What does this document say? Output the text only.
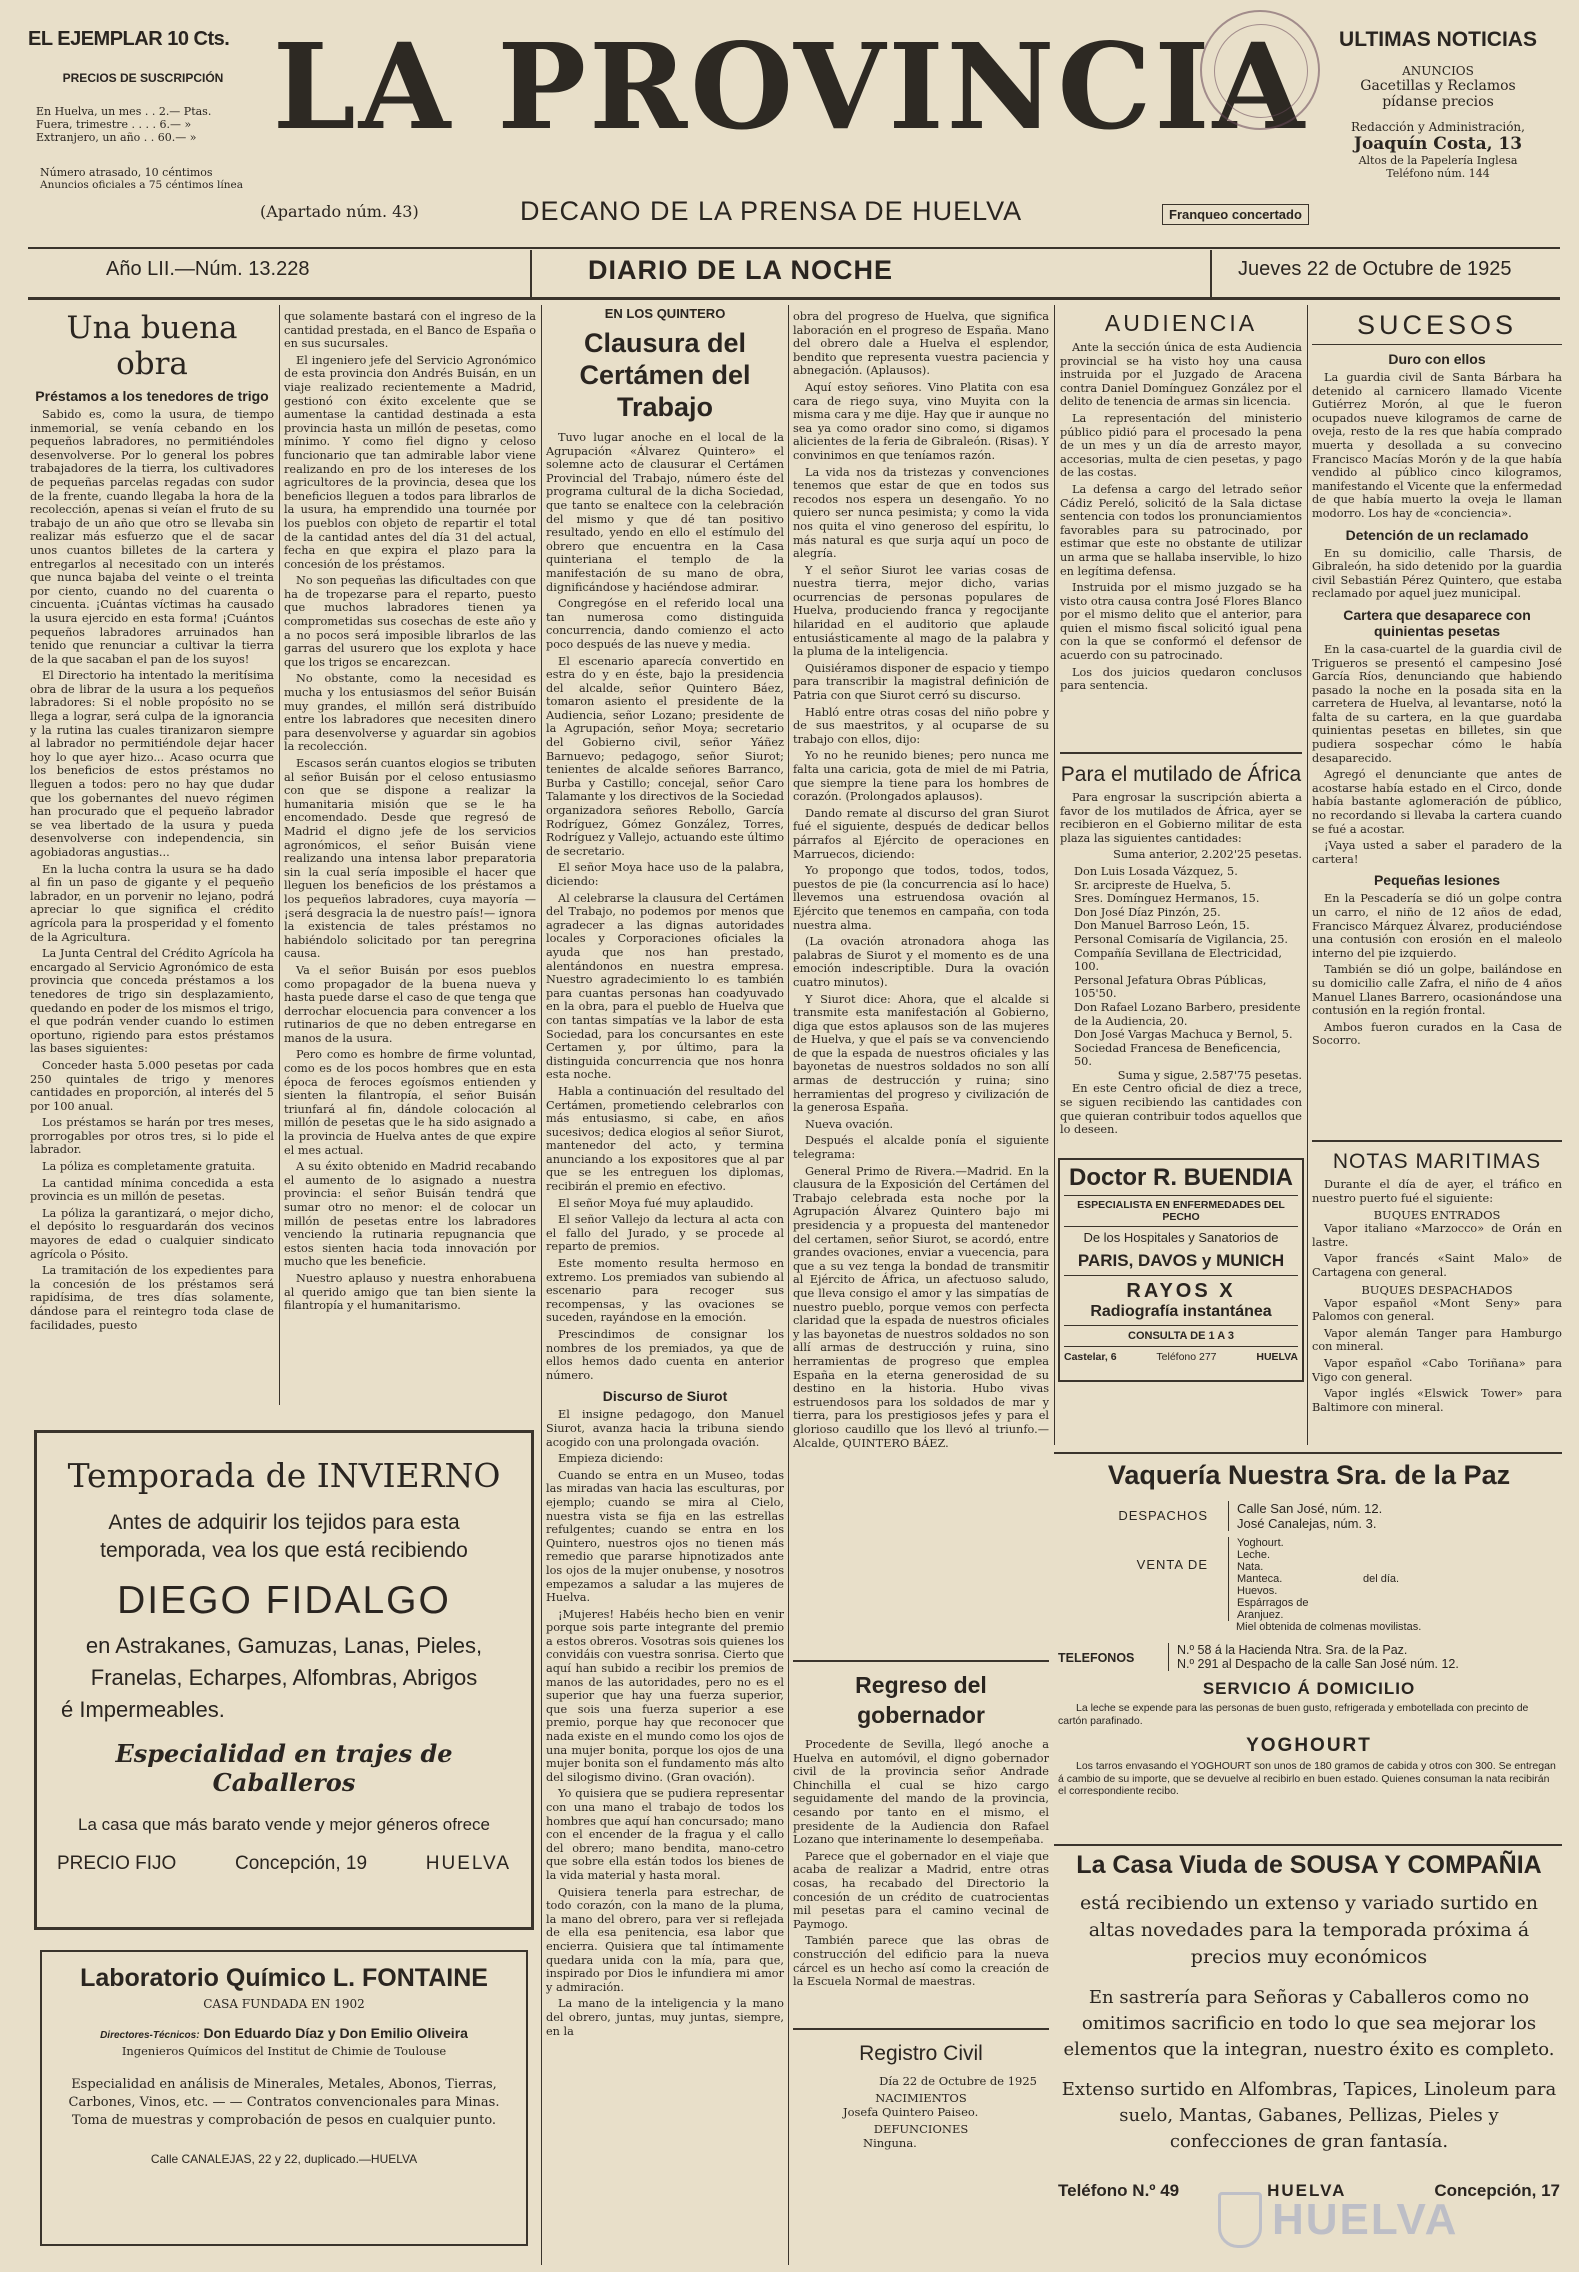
EL EJEMPLAR 10 Cts.
PRECIOS DE SUSCRIPCIÓN
En Huelva, un mes . . 2.— Ptas.
Fuera, trimestre . . . . 6.— »
Extranjero, un año . . 60.— »
Número atrasado, 10 céntimos
Anuncios oficiales a 75 céntimos línea
LA PROVINCIA
(Apartado núm. 43)	DECANO DE LA PRENSA DE HUELVA	Franqueo concertado
ULTIMAS NOTICIAS
ANUNCIOS
Gacetillas y Reclamos
pídanse precios
Redacción y Administración,
Joaquín Costa, 13
Altos de la Papelería Inglesa
Teléfono núm. 144
Año LII.—Núm. 13.228	DIARIO DE LA NOCHE	Jueves 22 de Octubre de 1925
Una buena obra
Préstamos a los tenedores de trigo

Sabido es, como la usura, de tiempo inmemorial, se venía cebando en los pequeños labradores, no permitiéndoles desenvolverse. Por lo general los pobres trabajadores de la tierra, los cultivadores de pequeñas parcelas regadas con sudor de la frente, cuando llegaba la hora de la recolección, apenas si veían el fruto de su trabajo de un año que otro se llevaba sin realizar más esfuerzo que el de sacar unos cuantos billetes de la cartera y entregarlos al necesitado con un interés que nunca bajaba del veinte o el treinta por ciento, cuando no del cuarenta o cincuenta. ¡Cuántas víctimas ha causado la usura ejercido en esta forma! ¡Cuántos pequeños labradores arruinados han tenido que renunciar a cultivar la tierra de la que sacaban el pan de los suyos!

El Directorio ha intentado la meritísima obra de librar de la usura a los pequeños labradores: Si el noble propósito no se llega a lograr, será culpa de la ignorancia y la rutina las cuales tiranizaron siempre al labrador no permitiéndole dejar hacer hoy lo que ayer hizo... Acaso ocurra que los beneficios de estos préstamos no lleguen a todos: pero no hay que dudar que los gobernantes del nuevo régimen han procurado que el pequeño labrador se vea libertado de la usura y pueda desenvolverse con independencia, sin agobiadoras angustias...

En la lucha contra la usura se ha dado al fin un paso de gigante y el pequeño labrador, en un porvenir no lejano, podrá apreciar lo que significa el crédito agrícola para la prosperidad y el fomento de la Agricultura.

La Junta Central del Crédito Agrícola ha encargado al Servicio Agronómico de esta provincia que conceda préstamos a los tenedores de trigo sin desplazamiento, quedando en poder de los mismos el trigo, el que podrán vender cuando lo estimen oportuno, rigiendo para estos préstamos las bases siguientes:

Conceder hasta 5.000 pesetas por cada 250 quintales de trigo y menores cantidades en proporción, al interés del 5 por 100 anual.

Los préstamos se harán por tres meses, prorrogables por otros tres, si lo pide el labrador.

La póliza es completamente gratuita.

La cantidad mínima concedida a esta provincia es un millón de pesetas.

La póliza la garantizará, o mejor dicho, el depósito lo resguardarán dos vecinos mayores de edad o cualquier sindicato agrícola o Pósito.

La tramitación de los expedientes para la concesión de los préstamos será rapidísima, de tres días solamente, dándose para el reintegro toda clase de facilidades, puesto

que solamente bastará con el ingreso de la cantidad prestada, en el Banco de España o en sus sucursales.

El ingeniero jefe del Servicio Agronómico de esta provincia don Andrés Buisán, en un viaje realizado recientemente a Madrid, gestionó con éxito excelente que se aumentase la cantidad destinada a esta provincia hasta un millón de pesetas, como mínimo. Y como fiel digno y celoso funcionario que tan admirable labor viene realizando en pro de los intereses de los agricultores de la provincia, desea que los beneficios lleguen a todos para librarlos de la usura, ha emprendido una tournée por los pueblos con objeto de repartir el total de la cantidad antes del día 31 del actual, fecha en que expira el plazo para la concesión de los préstamos.

No son pequeñas las dificultades con que ha de tropezarse para el reparto, puesto que muchos labradores tienen ya comprometidas sus cosechas de este año y a no pocos será imposible librarlos de las garras del usurero que los explota y hace que los trigos se encarezcan.

No obstante, como la necesidad es mucha y los entusiasmos del señor Buisán muy grandes, el millón será distribuído entre los labradores que necesiten dinero para desenvolverse y aguardar sin agobios la recolección.

Escasos serán cuantos elogios se tributen al señor Buisán por el celoso entusiasmo con que se dispone a realizar la humanitaria misión que se le ha encomendado. Desde que regresó de Madrid el digno jefe de los servicios agronómicos, el señor Buisán viene realizando una intensa labor preparatoria sin la cual sería imposible el hacer que lleguen los beneficios de los préstamos a los pequeños labradores, cuya mayoría —¡será desgracia la de nuestro país!— ignora la existencia de tales préstamos no habiéndolo solicitado por tan peregrina causa.

Va el señor Buisán por esos pueblos como propagador de la buena nueva y hasta puede darse el caso de que tenga que derrochar elocuencia para convencer a los rutinarios de que no deben entregarse en manos de la usura.

Pero como es hombre de firme voluntad, como es de los pocos hombres que en esta época de feroces egoísmos entienden y sienten la filantropía, el señor Buisán triunfará al fin, dándole colocación al millón de pesetas que le ha sido asignado a la provincia de Huelva antes de que expire el mes actual.

A su éxito obtenido en Madrid recabando el aumento de lo asignado a nuestra provincia: el señor Buisán tendrá que sumar otro no menor: el de colocar un millón de pesetas entre los labradores venciendo la rutinaria repugnancia que estos sienten hacia toda innovación por mucho que les beneficie.

Nuestro aplauso y nuestra enhorabuena al querido amigo que tan bien siente la filantropía y el humanitarismo.

EN LOS QUINTERO
Clausura del Certámen del Trabajo

Tuvo lugar anoche en el local de la Agrupación «Álvarez Quintero» el solemne acto de clausurar el Certámen Provincial del Trabajo, número éste del programa cultural de la dicha Sociedad, que tanto se enaltece con la celebración del mismo y que dé tan positivo resultado, yendo en ello el estímulo del obrero que encuentra en la Casa quinteriana el templo de la manifestación de su mano de obra, dignificándose y haciéndose admirar.

Congregóse en el referido local una tan numerosa como distinguida concurrencia, dando comienzo el acto poco después de las nueve y media.

El escenario aparecía convertido en estra do y en éste, bajo la presidencia del alcalde, señor Quintero Báez, tomaron asiento el presidente de la Audiencia, señor Lozano; presidente de la Agrupación, señor Moya; secretario del Gobierno civil, señor Yáñez Barnuevo; pedagogo, señor Siurot; tenientes de alcalde señores Barranco, Burba y Castillo; concejal, señor Caro Talamante y los directivos de la Sociedad organizadora señores Rebollo, García Rodríguez, Gómez González, Torres, Rodríguez y Vallejo, actuando este último de secretario.

El señor Moya hace uso de la palabra, diciendo:

Al celebrarse la clausura del Certámen del Trabajo, no podemos por menos que agradecer a las dignas autoridades locales y Corporaciones oficiales la ayuda que nos han prestado, alentándonos en nuestra empresa. Nuestro agradecimiento lo es también para cuantas personas han coadyuvado en la obra, para el pueblo de Huelva que con tantas simpatías ve la labor de esta Sociedad, para los concursantes en este Certamen y, por último, para la distinguida concurrencia que nos honra esta noche.

Habla a continuación del resultado del Certámen, prometiendo celebrarlos con más entusiasmo, si cabe, en años sucesivos; dedica elogios al señor Siurot, mantenedor del acto, y termina anunciando a los expositores que al par que se les entreguen los diplomas, recibirán el premio en efectivo.

El señor Moya fué muy aplaudido.

El señor Vallejo da lectura al acta con el fallo del Jurado, y se procede al reparto de premios.

Este momento resulta hermoso en extremo. Los premiados van subiendo al escenario para recoger sus recompensas, y las ovaciones se suceden, rayándose en la emoción.

Prescindimos de consignar los nombres de los premiados, ya que de ellos hemos dado cuenta en anterior número.

Discurso de Siurot

El insigne pedagogo, don Manuel Siurot, avanza hacia la tribuna siendo acogido con una prolongada ovación.

Empieza diciendo:

Cuando se entra en un Museo, todas las miradas van hacia las esculturas, por ejemplo; cuando se mira al Cielo, nuestra vista se fija en las estrellas refulgentes; cuando se entra en los Quintero, nuestros ojos no tienen más remedio que pararse hipnotizados ante los ojos de la mujer onubense, y nosotros empezamos a saludar a las mujeres de Huelva.

¡Mujeres! Habéis hecho bien en venir porque sois parte integrante del premio a estos obreros. Vosotras sois quienes los convidáis con vuestra sonrisa. Cierto que aquí han subido a recibir los premios de manos de las autoridades, pero no es el superior que hay una fuerza superior, que sois una fuerza superior a ese premio, porque hay que reconocer que nada existe en el mundo como los ojos de una mujer bonita, porque los ojos de una mujer bonita son el fundamento más alto del silogismo divino. (Gran ovación).

Yo quisiera que se pudiera representar con una mano el trabajo de todos los hombres que aquí han concursado; mano con el encender de la fragua y el callo del obrero; mano bendita, mano-cetro que sobre ella están todos los bienes de la vida material y hasta moral.

Quisiera tenerla para estrechar, de todo corazón, con la mano de la pluma, la mano del obrero, para ver si reflejada de ella esa penitencia, esa labor que encierra. Quisiera que tal íntimamente quedara unida con la mía, para que, inspirado por Dios le infundiera mi amor y admiración.

La mano de la inteligencia y la mano del obrero, juntas, muy juntas, siempre, en la

obra del progreso de Huelva, que significa laboración en el progreso de España. Mano del obrero dale a Huelva el esplendor, bendito que representa vuestra paciencia y abnegación. (Aplausos).

Aquí estoy señores. Vino Platita con esa cara de riego suya, vino Muyita con la misma cara y me dije. Hay que ir aunque no sea ya como orador sino como, si digamos alicientes de la feria de Gibraleón. (Risas). Y convinimos en que teníamos razón.

La vida nos da tristezas y convenciones tenemos que estar de que en todos sus recodos nos espera un desengaño. Yo no quiero ser nunca pesimista; y como la vida nos quita el vino generoso del espíritu, lo más natural es que surja aquí un poco de alegría.

Y el señor Siurot lee varias cosas de nuestra tierra, mejor dicho, varias ocurrencias de personas populares de Huelva, produciendo franca y regocijante hilaridad en el auditorio que aplaude entusiásticamente al mago de la palabra y la pluma de la inteligencia.

Quisiéramos disponer de espacio y tiempo para transcribir la magistral definición de Patria con que Siurot cerró su discurso.

Habló entre otras cosas del niño pobre y de sus maestritos, y al ocuparse de su trabajo con ellos, dijo:

Yo no he reunido bienes; pero nunca me falta una caricia, gota de miel de mi Patria, que siempre la tiene para los hombres de corazón. (Prolongados aplausos).

Dando remate al discurso del gran Siurot fué el siguiente, después de dedicar bellos párrafos al Ejército de operaciones en Marruecos, diciendo:

Yo propongo que todos, todos, todos, puestos de pie (la concurrencia así lo hace) llevemos una estruendosa ovación al Ejército que tenemos en campaña, con toda nuestra alma.

(La ovación atronadora ahoga las palabras de Siurot y el momento es de una emoción indescriptible. Dura la ovación cuatro minutos).

Y Siurot dice: Ahora, que el alcalde si transmite esta manifestación al Gobierno, diga que estos aplausos son de las mujeres de Huelva, y que el país se va convenciendo de que la espada de nuestros oficiales y las bayonetas de nuestros soldados no son allí armas de destrucción y ruina; sino herramientas del progreso y civilización de la generosa España.

Nueva ovación.

Después el alcalde ponía el siguiente telegrama:

General Primo de Rivera.—Madrid. En la clausura de la Exposición del Certámen del Trabajo celebrada esta noche por la Agrupación Álvarez Quintero bajo mi presidencia y a propuesta del mantenedor del certamen, señor Siurot, se acordó, entre grandes ovaciones, enviar a vuecencia, para que a su vez tenga la bondad de transmitir al Ejército de África, un afectuoso saludo, que lleva consigo el amor y las simpatías de nuestro pueblo, porque vemos con perfecta claridad que la espada de nuestros oficiales y las bayonetas de nuestros soldados no son allí armas de destrucción y ruina, sino herramientas de progreso que emplea España en la eterna generosidad de su destino en la historia. Hubo vivas estruendosos para los soldados de mar y tierra, para los prestigiosos jefes y para el glorioso caudillo que los llevó al triunfo.—Alcalde, QUINTERO BÁEZ.

Regreso del gobernador

Procedente de Sevilla, llegó anoche a Huelva en automóvil, el digno gobernador civil de la provincia señor Andrade Chinchilla el cual se hizo cargo seguidamente del mando de la provincia, cesando por tanto en el mismo, el presidente de la Audiencia don Rafael Lozano que interinamente lo desempeñaba.

Parece que el gobernador en el viaje que acaba de realizar a Madrid, entre otras cosas, ha recabado del Directorio la concesión de un crédito de cuatrocientas mil pesetas para el camino vecinal de Paymogo.

También parece que las obras de construcción del edificio para la nueva cárcel es un hecho así como la creación de la Escuela Normal de maestras.

Registro Civil
Día 22 de Octubre de 1925
NACIMIENTOS
Josefa Quintero Paiseo.
DEFUNCIONES
Ninguna.
AUDIENCIA

Ante la sección única de esta Audiencia provincial se ha visto hoy una causa instruida por el Juzgado de Aracena contra Daniel Domínguez González por el delito de tenencia de armas sin licencia.

La representación del ministerio público pidió para el procesado la pena de un mes y un día de arresto mayor, accesorias, multa de cien pesetas, y pago de las costas.

La defensa a cargo del letrado señor Cádiz Pereló, solicitó de la Sala dictase sentencia con todos los pronunciamientos favorables para su patrocinado, por estimar que este no obstante de utilizar un arma que se hallaba inservible, lo hizo en legítima defensa.

Instruida por el mismo juzgado se ha visto otra causa contra José Flores Blanco por el mismo delito que el anterior, para quien el mismo fiscal solicitó igual pena con la que se conformó el defensor de acuerdo con su patrocinado.

Los dos juicios quedaron conclusos para sentencia.

Para el mutilado de África

Para engrosar la suscripción abierta a favor de los mutilados de África, ayer se recibieron en el Gobierno militar de esta plaza las siguientes cantidades:

Suma anterior, 2.202'25 pesetas.

Don Luis Losada Vázquez, 5.

Sr. arcipreste de Huelva, 5.

Sres. Domínguez Hermanos, 15.

Don José Díaz Pinzón, 25.

Don Manuel Barroso León, 15.

Personal Comisaría de Vigilancia, 25.

Compañía Sevillana de Electricidad, 100.

Personal Jefatura Obras Públicas, 105'50.

Don Rafael Lozano Barbero, presidente de la Audiencia, 20.

Don José Vargas Machuca y Bernol, 5.

Sociedad Francesa de Beneficencia, 50.

Suma y sigue, 2.587'75 pesetas.

En este Centro oficial de diez a trece, se siguen recibiendo las cantidades con que quieran contribuir todos aquellos que lo deseen.

Doctor R. BUENDIA
ESPECIALISTA EN ENFERMEDADES DEL PECHO
De los Hospitales y Sanatorios de
PARIS, DAVOS y MUNICH
RAYOS X
Radiografía instantánea
CONSULTA DE 1 A 3
Castelar, 6	Teléfono 277	HUELVA
SUCESOS
Duro con ellos

La guardia civil de Santa Bárbara ha detenido al carnicero llamado Vicente Gutiérrez Morón, al que le fueron ocupados nueve kilogramos de carne de oveja, resto de la res que había comprado muerta y desollada a su convecino Francisco Macías Morón y de la que había vendido al público cinco kilogramos, manifestando el Vicente que la enfermedad de que había muerto la oveja le llaman modorro. Los hay de «conciencia».

Detención de un reclamado

En su domicilio, calle Tharsis, de Gibraleón, ha sido detenido por la guardia civil Sebastián Pérez Quintero, que estaba reclamado por aquel juez municipal.

Cartera que desaparece con quinientas pesetas

En la casa-cuartel de la guardia civil de Trigueros se presentó el campesino José García Ríos, denunciando que habiendo pasado la noche en la posada sita en la carretera de Huelva, al levantarse, notó la falta de su cartera, en la que guardaba quinientas pesetas en billetes, sin que pudiera sospechar cómo le había desaparecido.

Agregó el denunciante que antes de acostarse había estado en el Circo, donde había bastante aglomeración de público, no recordando si llevaba la cartera cuando se fué a acostar.

¡Vaya usted a saber el paradero de la cartera!

Pequeñas lesiones

En la Pescadería se dió un golpe contra un carro, el niño de 12 años de edad, Francisco Márquez Álvarez, produciéndose una contusión con erosión en el maleolo interno del pie izquierdo.

También se dió un golpe, bailándose en su domicilio calle Zafra, el niño de 4 años Manuel Llanes Barrero, ocasionándose una contusión en la región frontal.

Ambos fueron curados en la Casa de Socorro.

NOTAS MARITIMAS

Durante el día de ayer, el tráfico en nuestro puerto fué el siguiente:

BUQUES ENTRADOS

Vapor italiano «Marzocco» de Orán en lastre.

Vapor francés «Saint Malo» de Cartagena con general.

BUQUES DESPACHADOS

Vapor español «Mont Seny» para Palomos con general.

Vapor alemán Tanger para Hamburgo con mineral.

Vapor español «Cabo Toriñana» para Vigo con general.

Vapor inglés «Elswick Tower» para Baltimore con mineral.

Temporada de INVIERNO
Antes de adquirir los tejidos para esta
temporada, vea los que está recibiendo
DIEGO FIDALGO
en Astrakanes, Gamuzas, Lanas, Pieles,
Franelas, Echarpes, Alfombras, Abrigos
é Impermeables.
Especialidad en trajes de Caballeros
La casa que más barato vende y mejor géneros ofrece
PRECIO FIJO	Concepción, 19	HUELVA
Laboratorio Químico L. FONTAINE
CASA FUNDADA EN 1902
Directores-Técnicos: Don Eduardo Díaz y Don Emilio Oliveira
Ingenieros Químicos del Institut de Chimie de Toulouse
Especialidad en análisis de Minerales, Metales, Abonos, Tierras, Carbones, Vinos, etc. — — Contratos convencionales para Minas. Toma de muestras y comprobación de pesos en cualquier punto.
Calle CANALEJAS, 22 y 22, duplicado.—HUELVA
Vaquería Nuestra Sra. de la Paz
DESPACHOS	Calle San José, núm. 12.
José Canalejas, núm. 3.
VENTA DE
Yoghourt.
Leche.
Nata.
Manteca.
Huevos.
Espárragos de Aranjuez.
del día.
Miel obtenida de colmenas movilistas.
TELEFONOS
N.º 58 á la Hacienda Ntra. Sra. de la Paz.
N.º 291 al Despacho de la calle San José núm. 12.
SERVICIO Á DOMICILIO
La leche se expende para las personas de buen gusto, refrigerada y embotellada con precinto de cartón parafinado.
YOGHOURT
Los tarros envasando el YOGHOURT son unos de 180 gramos de cabida y otros con 300. Se entregan á cambio de su importe, que se devuelve al recibirlo en buen estado. Quienes consuman la nata recibirán el correspondiente recibo.
La Casa Viuda de SOUSA Y COMPAÑIA
está recibiendo un extenso y variado surtido en altas novedades para la temporada próxima á precios muy económicos
En sastrería para Señoras y Caballeros como no omitimos sacrificio en todo lo que sea mejorar los elementos que la integran, nuestro éxito es completo.
Extenso surtido en Alfombras, Tapices, Linoleum para suelo, Mantas, Gabanes, Pellizas, Pieles y confecciones de gran fantasía.
Teléfono N.º 49	HUELVA	Concepción, 17
HUELVA
